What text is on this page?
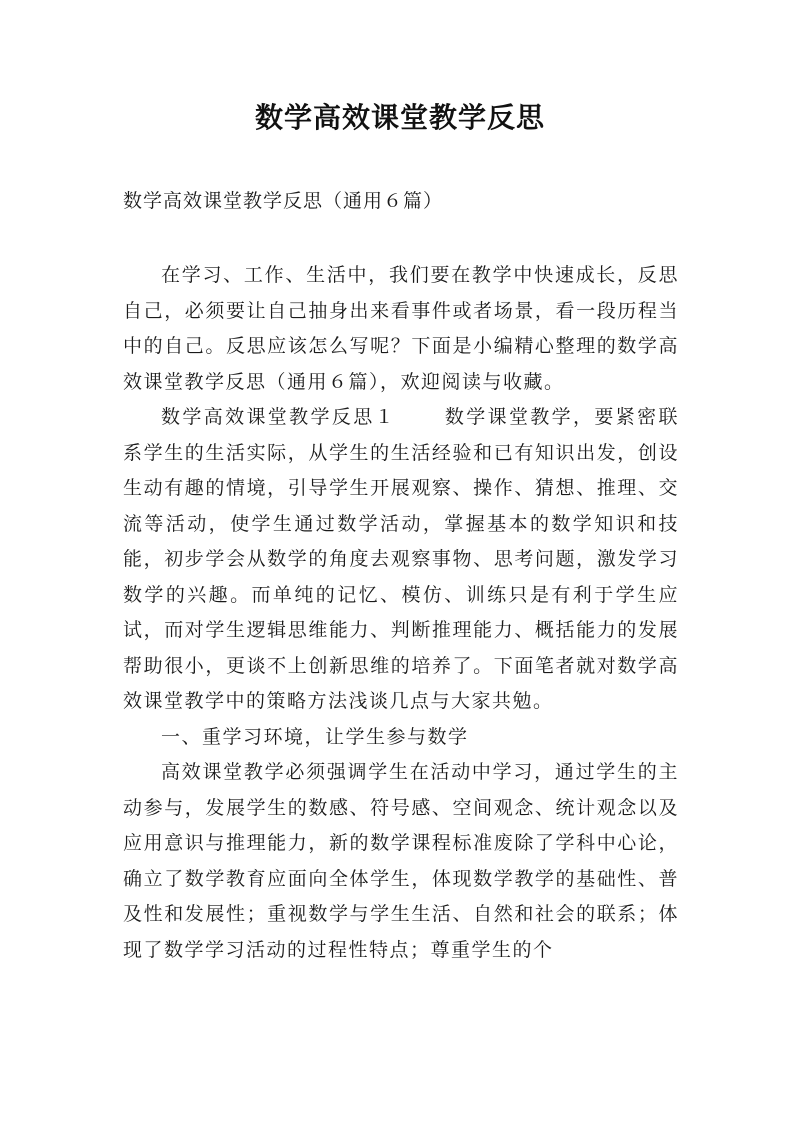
数学高效课堂教学反思
数学高效课堂教学反思（通用６篇）

在学习、工作、生活中，我们要在教学中快速成长，反思自己，必须要让自己抽身出来看事件或者场景，看一段历程当中的自己。反思应该怎么写呢？下面是小编精心整理的数学高效课堂教学反思（通用６篇），欢迎阅读与收藏。

数学高效课堂教学反思１	数学课堂教学，要紧密联系学生的生活实际，从学生的生活经验和已有知识出发，创设生动有趣的情境，引导学生开展观察、操作、猜想、推理、交流等活动，使学生通过数学活动，掌握基本的数学知识和技能，初步学会从数学的角度去观察事物、思考问题，激发学习数学的兴趣。而单纯的记忆、模仿、训练只是有利于学生应试，而对学生逻辑思维能力、判断推理能力、概括能力的发展帮助很小，更谈不上创新思维的培养了。下面笔者就对数学高效课堂教学中的策略方法浅谈几点与大家共勉。

一、重学习环境，让学生参与数学

高效课堂教学必须强调学生在活动中学习，通过学生的主动参与，发展学生的数感、符号感、空间观念、统计观念以及应用意识与推理能力，新的数学课程标准废除了学科中心论，确立了数学教育应面向全体学生，体现数学教学的基础性、普及性和发展性；重视数学与学生生活、自然和社会的联系；体现了数学学习活动的过程性特点；尊重学生的个
